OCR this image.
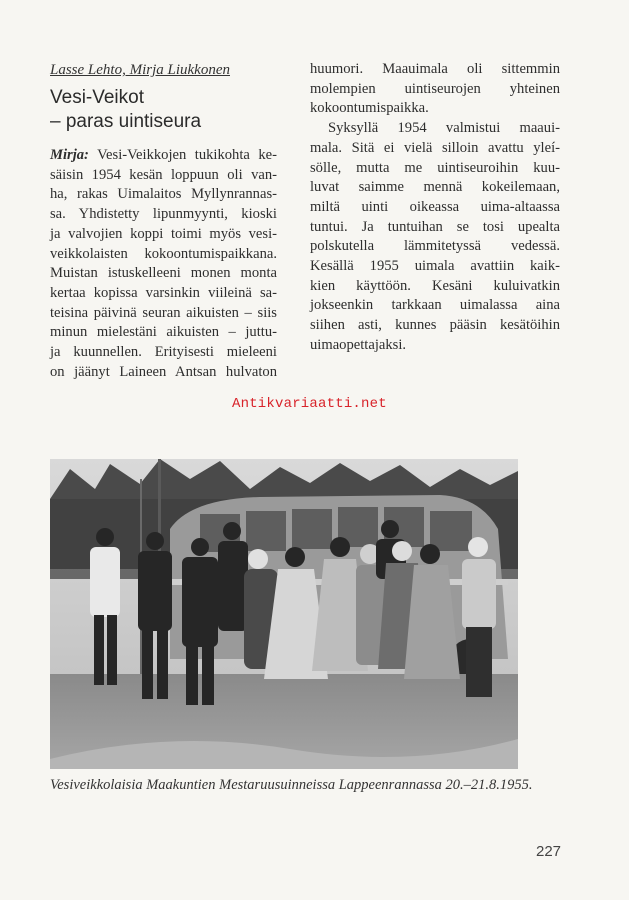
Lasse Lehto, Mirja Liukkonen
Vesi-Veikot
– paras uintiseura
Mirja: Vesi-Veikkojen tukikohta ke-
säisin 1954 kesän loppuun oli van-
ha, rakas Uimalaitos Myllynrannas-
sa. Yhdistetty lipunmyynti, kioski
ja valvojien koppi toimi myös vesi-
veikkolaisten kokoontumispaikkana.
Muistan istuskelleeni monen monta
kertaa kopissa varsinkin viileinä sa-
teisina päivinä seuran aikuisten – siis
minun mielestäni aikuisten – juttu-
ja kuunnellen. Erityisesti mieleeni
on jäänyt Laineen Antsan hulvaton
huumori. Maauimala oli sittemmin
molempien uintiseurojen yhteinen
kokoontumispaikka.
Syksyllä 1954 valmistui maaui-
mala. Sitä ei vielä silloin avattu yleí-
sölle, mutta me uintiseuroihin kuu-
luvat saimme mennä kokeilemaan,
miltä uinti oikeassa uima-altaassa
tuntui. Ja tuntuihan se tosi upealta
polskutella lämmitetyssä vedessä.
Kesällä 1955 uimala avattiin kaik-
kien käyttöön. Kesäni kuluivatkin
jokseenkin tarkkaan uimalassa aina
siihen asti, kunnes pääsin kesätöihin
uimaopettajaksi.
Antikvariaatti.net
Vesiveikkolaisia Maakuntien Mestaruusuinneissa Lappeenrannassa 20.–21.8.1955.
227
